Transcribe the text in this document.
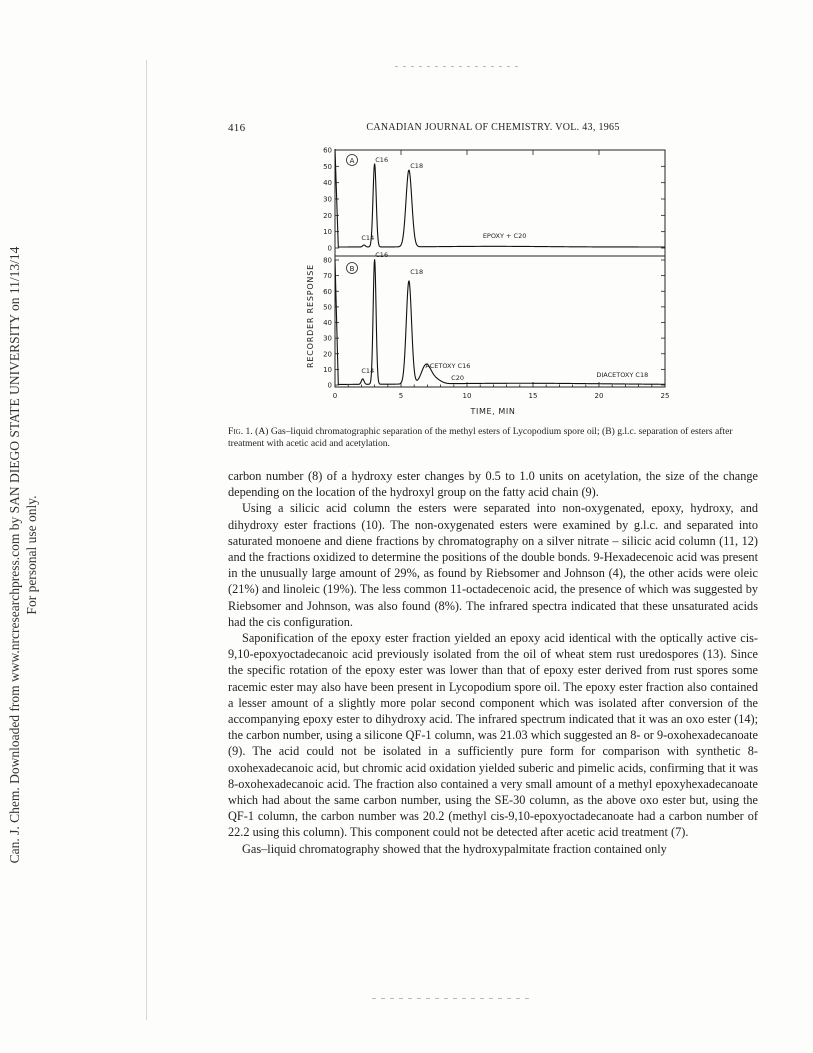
Can. J. Chem. Downloaded from www.nrcresearchpress.com by SAN DIEGO STATE UNIVERSITY on 11/13/14 For personal use only.
416	CANADIAN JOURNAL OF CHEMISTRY. VOL. 43, 1965
60
50
40
30
20
10
0
80
70
60
50
40
30
20
10
0
0	5	10	15	20	25
C14
C16
C18
EPOXY + C20
C14
C16
C18
ACETOXY C16
C20	DIACETOXY C18
RECORDER RESPONSE
TIME, MIN
A
B
Fig. 1. (A) Gas–liquid chromatographic separation of the methyl esters of Lycopodium spore oil; (B) g.l.c. separation of esters after treatment with acetic acid and acetylation.

carbon number (8) of a hydroxy ester changes by 0.5 to 1.0 units on acetylation, the size of the change depending on the location of the hydroxyl group on the fatty acid chain (9).

Using a silicic acid column the esters were separated into non-oxygenated, epoxy, hydroxy, and dihydroxy ester fractions (10). The non-oxygenated esters were examined by g.l.c. and separated into saturated monoene and diene fractions by chromatography on a silver nitrate – silicic acid column (11, 12) and the fractions oxidized to determine the positions of the double bonds. 9-Hexadecenoic acid was present in the unusually large amount of 29%, as found by Riebsomer and Johnson (4), the other acids were oleic (21%) and linoleic (19%). The less common 11-octadecenoic acid, the presence of which was suggested by Riebsomer and Johnson, was also found (8%). The infrared spectra indicated that these unsaturated acids had the cis configuration.

Saponification of the epoxy ester fraction yielded an epoxy acid identical with the optically active cis-9,10-epoxyoctadecanoic acid previously isolated from the oil of wheat stem rust uredospores (13). Since the specific rotation of the epoxy ester was lower than that of epoxy ester derived from rust spores some racemic ester may also have been present in Lycopodium spore oil. The epoxy ester fraction also contained a lesser amount of a slightly more polar second component which was isolated after conversion of the accompanying epoxy ester to dihydroxy acid. The infrared spectrum indicated that it was an oxo ester (14); the carbon number, using a silicone QF-1 column, was 21.03 which suggested an 8- or 9-oxohexadecanoate (9). The acid could not be isolated in a sufficiently pure form for comparison with synthetic 8-oxohexadecanoic acid, but chromic acid oxidation yielded suberic and pimelic acids, confirming that it was 8-oxohexadecanoic acid. The fraction also contained a very small amount of a methyl epoxyhexadecanoate which had about the same carbon number, using the SE-30 column, as the above oxo ester but, using the QF-1 column, the carbon number was 20.2 (methyl cis-9,10-epoxyoctadecanoate had a carbon number of 22.2 using this column). This component could not be detected after acetic acid treatment (7).

Gas–liquid chromatography showed that the hydroxypalmitate fraction contained only
